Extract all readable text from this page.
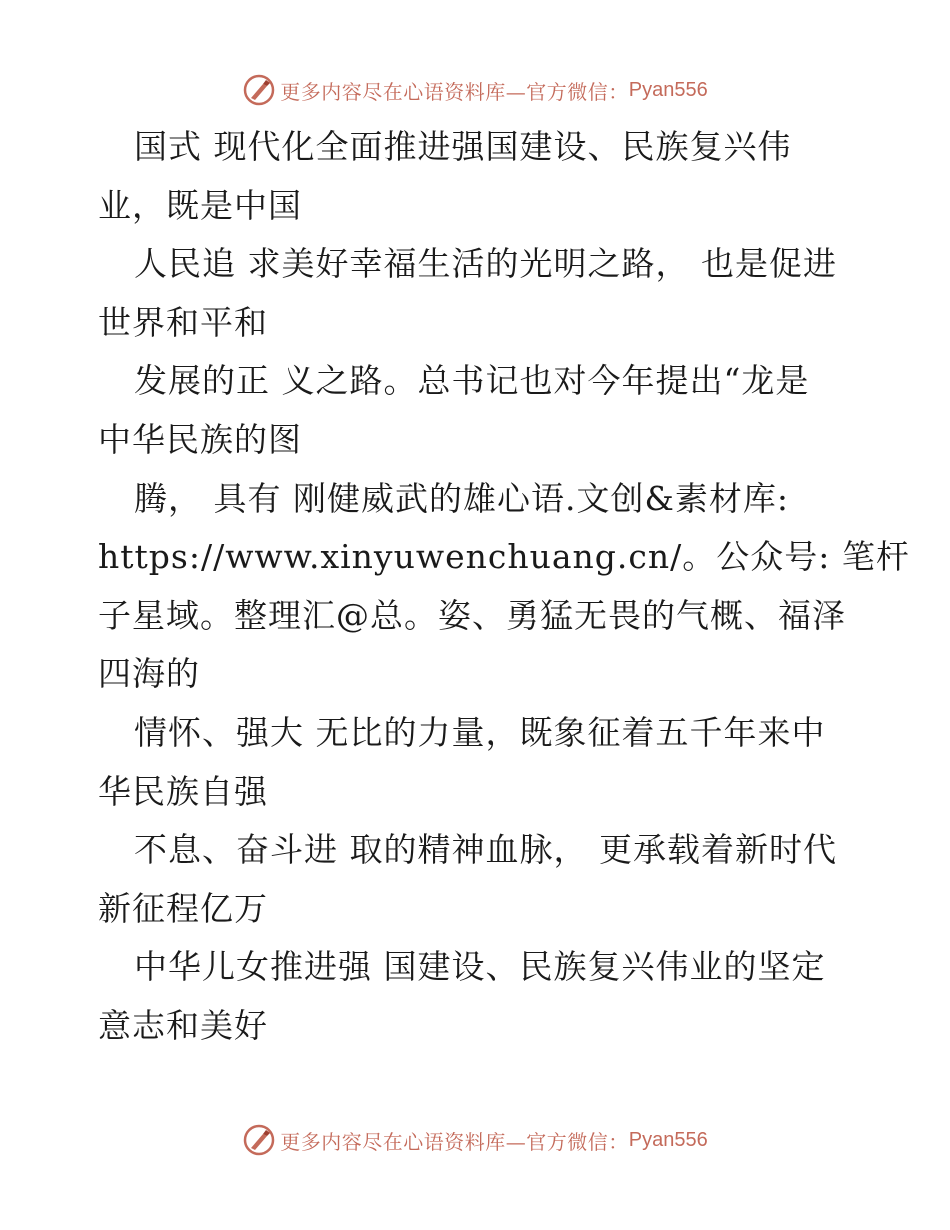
更多内容尽在心语资料库—官方微信： Pyan556
国式 现代化全面推进强国建设、民族复兴伟
业，既是中国
人民追 求美好幸福生活的光明之路， 也是促进
世界和平和
发展的正 义之路。总书记也对今年提出“龙是
中华民族的图
腾， 具有 刚健威武的雄心语.文创&素材库:
https://www.xinyuwenchuang.cn/。公众号: 笔杆
子星域。整理汇@总。姿、勇猛无畏的气概、福泽
四海的
情怀、强大 无比的力量，既象征着五千年来中
华民族自强
不息、奋斗进 取的精神血脉， 更承载着新时代
新征程亿万
中华儿女推进强 国建设、民族复兴伟业的坚定
意志和美好
更多内容尽在心语资料库—官方微信： Pyan556
